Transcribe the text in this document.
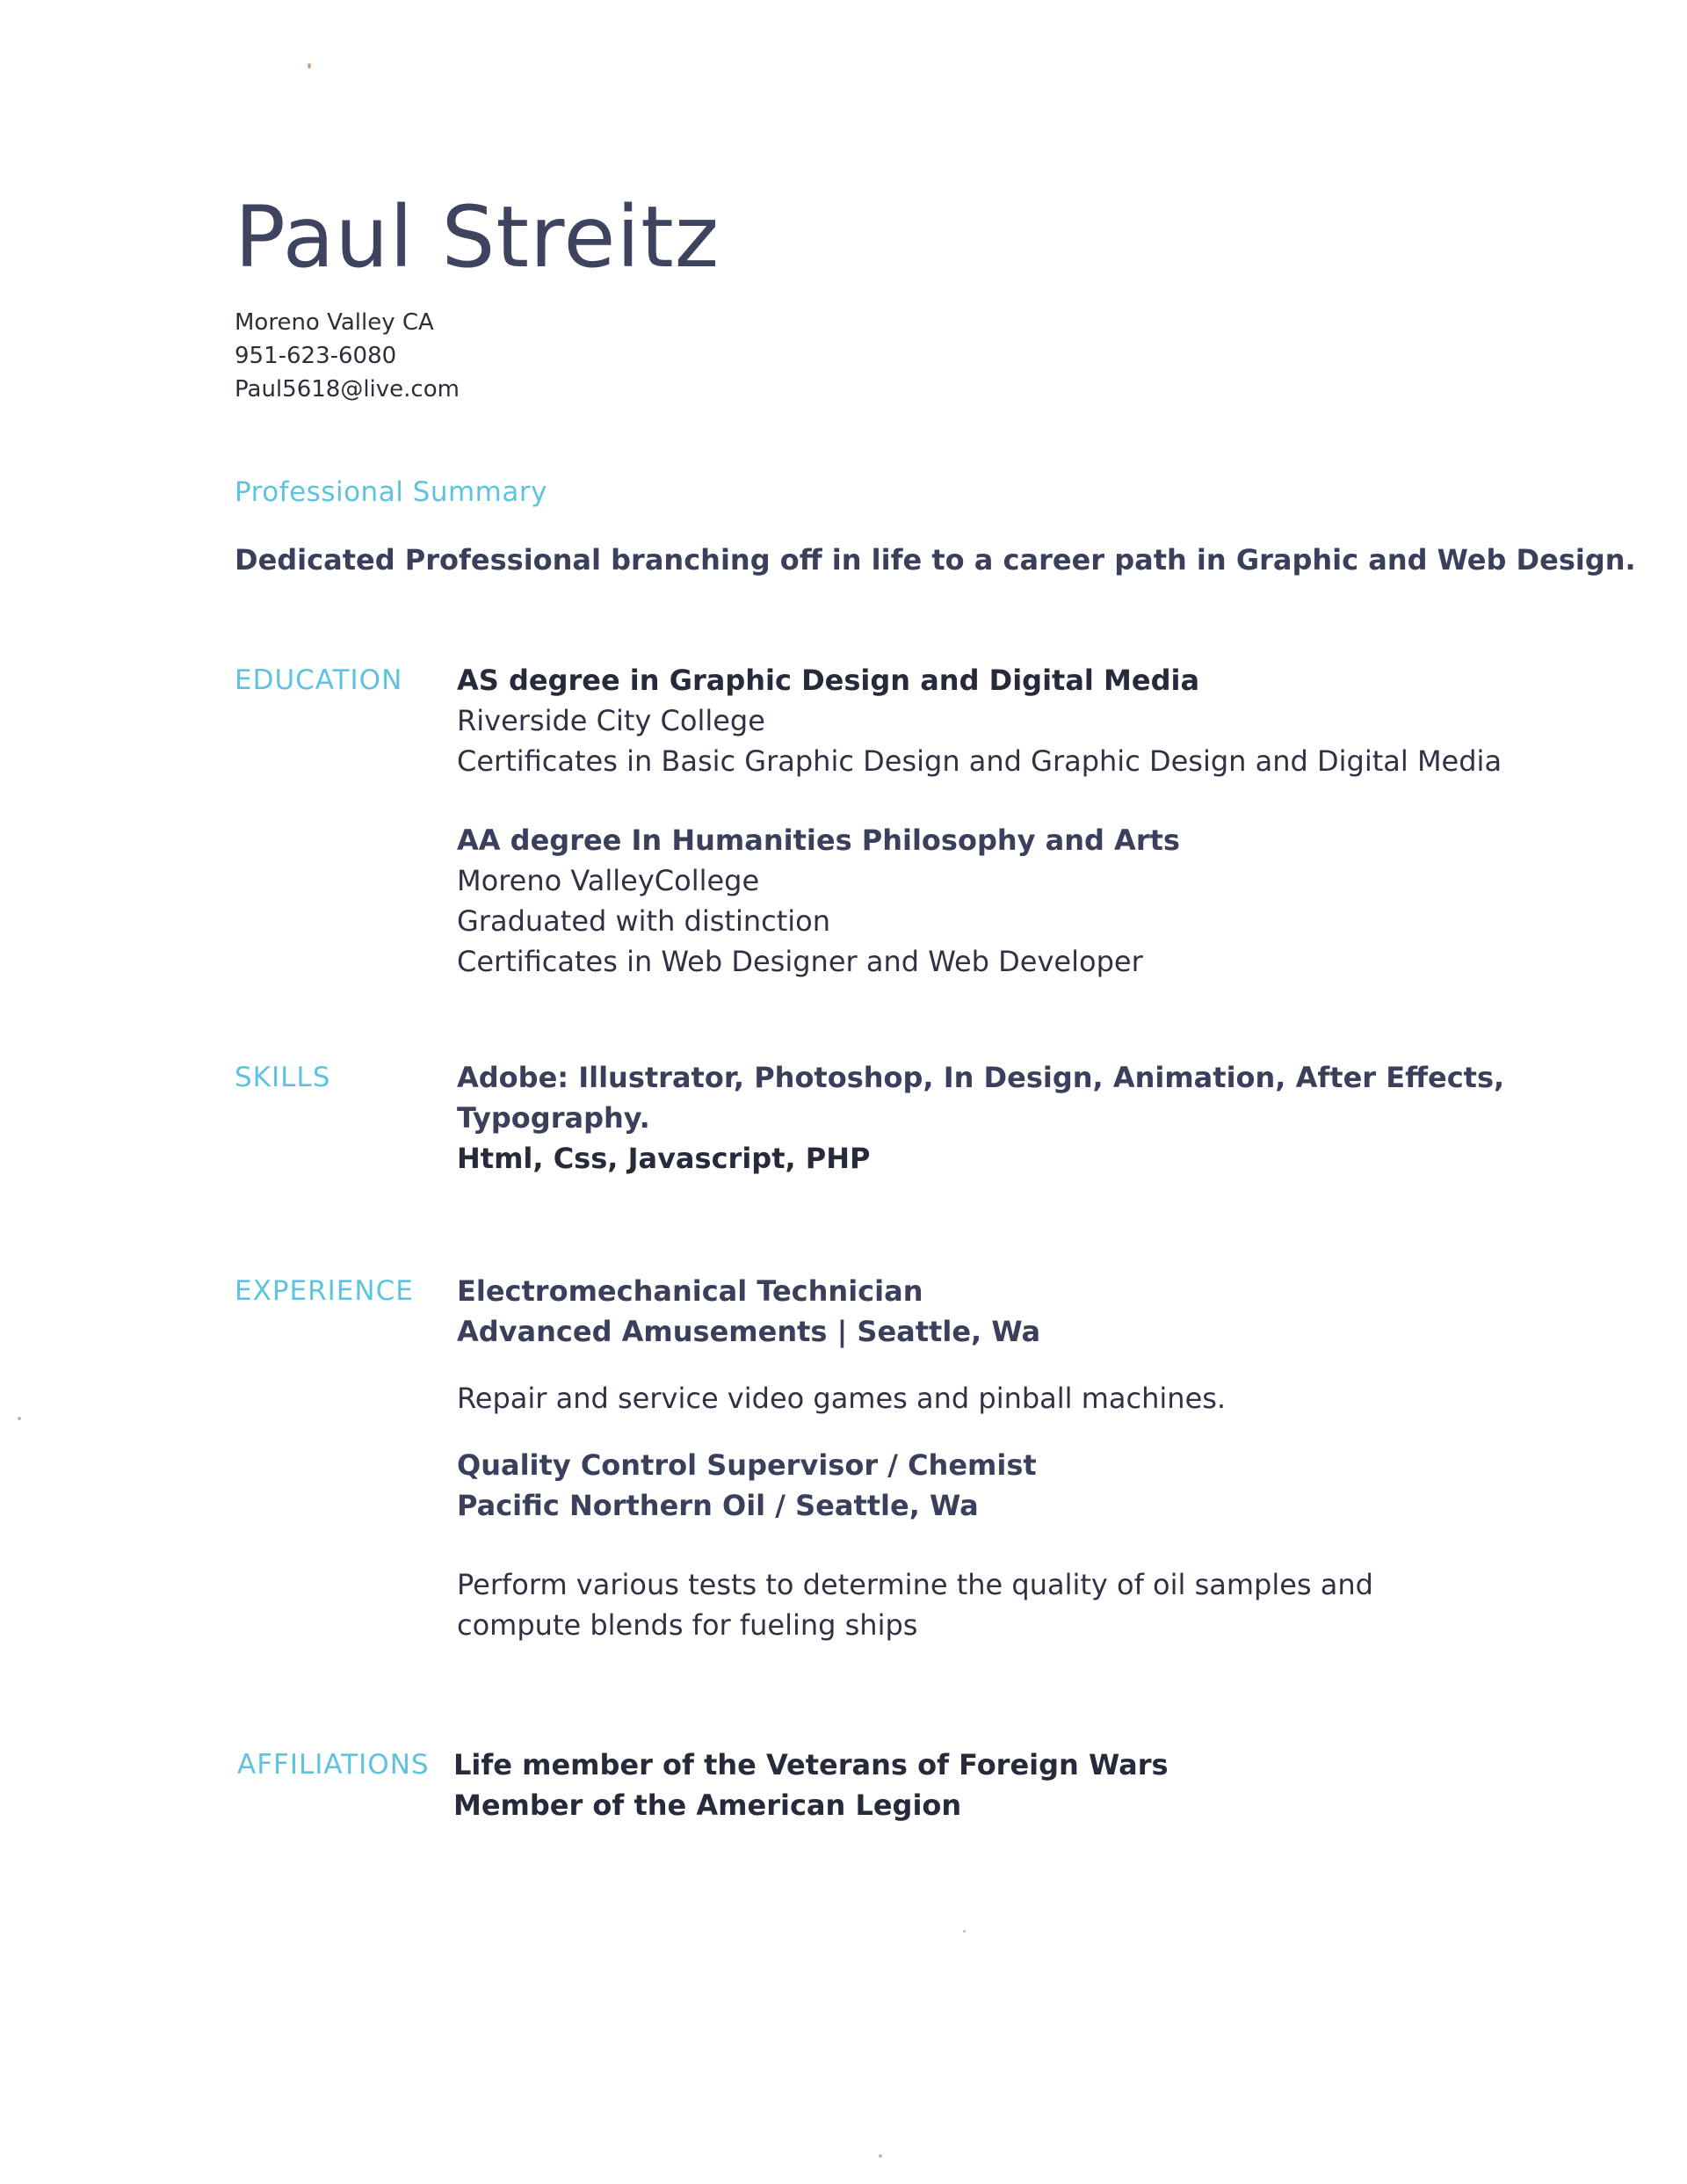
Paul Streitz
Moreno Valley CA
951-623-6080
Paul5618@live.com
Professional Summary
Dedicated Professional branching off in life to a career path in Graphic and Web Design.
EDUCATION AS degree in Graphic Design and Digital Media
Riverside City College
Certificates in Basic Graphic Design and Graphic Design and Digital Media
AA degree In Humanities Philosophy and Arts
Moreno ValleyCollege
Graduated with distinction
Certificates in Web Designer and Web Developer
SKILLS	Adobe: Illustrator, Photoshop, In Design, Animation, After Effects,
Typography.
Html, Css, Javascript, PHP
EXPERIENCE Electromechanical Technician
Advanced Amusements | Seattle, Wa
Repair and service video games and pinball machines.
Quality Control Supervisor / Chemist
Pacific Northern Oil / Seattle, Wa
Perform various tests to determine the quality of oil samples and compute blends for fueling ships
AFFILIATIONS Life member of the Veterans of Foreign Wars
Member of the American Legion
